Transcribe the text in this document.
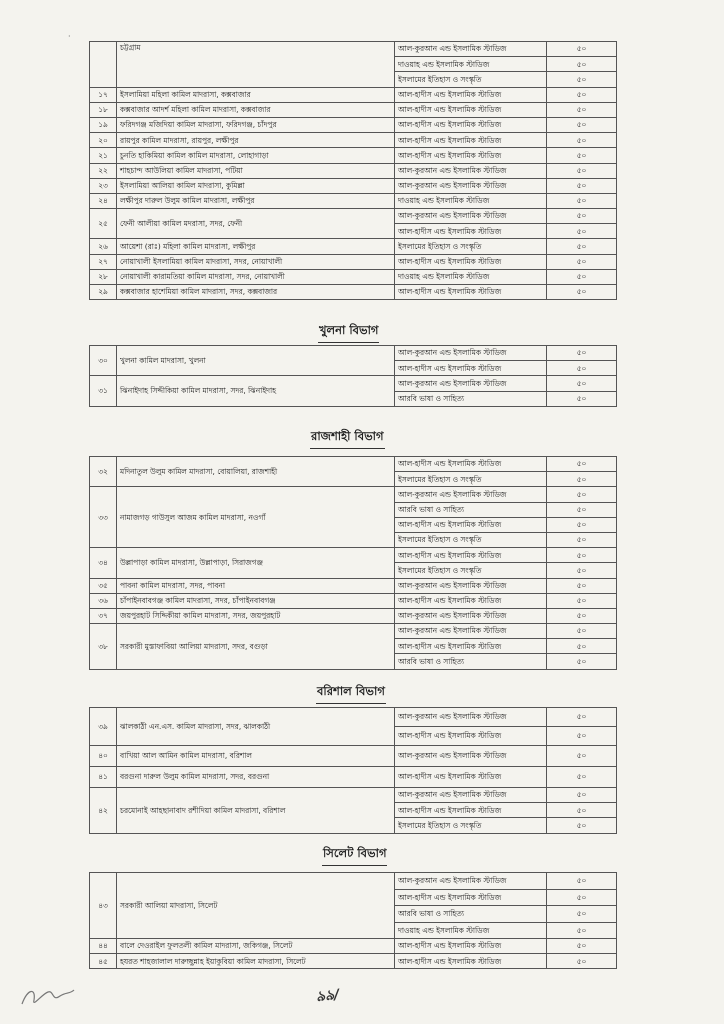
·
	চট্টগ্রাম	আল-কুরআন এন্ড ইসলামিক স্টাডিজ	৫০
		দাওয়াহ এন্ড ইসলামিক স্টাডিজ	৫০
		ইসলামের ইতিহাস ও সংস্কৃতি	৫০
১৭	ইসলামিয়া মহিলা কামিল মাদরাসা, কক্সবাজার	আল-হাদীস এন্ড ইসলামিক স্টাডিজ	৫০
১৮	কক্সবাজার আদর্শ মহিলা কামিল মাদরাসা, কক্সবাজার	আল-হাদীস এন্ড ইসলামিক স্টাডিজ	৫০
১৯	ফরিদগঞ্জ মজিদিয়া কামিল মাদরাসা, ফরিদগঞ্জ, চাঁদপুর	আল-হাদীস এন্ড ইসলামিক স্টাডিজ	৫০
২০	রায়পুর কামিল মাদরাসা, রায়পুর, লক্ষীপুর	আল-হাদীস এন্ড ইসলামিক স্টাডিজ	৫০
২১	চুনতি হাকিমিয়া কামিল কামিল মাদরাসা, লোহাগাড়া	আল-হাদীস এন্ড ইসলামিক স্টাডিজ	৫০
২২	শাহচান্দ আউলিয়া কামিল মাদরাসা, পটিয়া	আল-কুরআন এন্ড ইসলামিক স্টাডিজ	৫০
২৩	ইসলামিয়া আলিয়া কামিল মাদরাসা, কুমিল্লা	আল-কুরআন এন্ড ইসলামিক স্টাডিজ	৫০
২৪	লক্ষীপুর দারুল উলুম কামিল মাদরাসা, লক্ষীপুর	দাওয়াহ এন্ড ইসলামিক স্টাডিজ	৫০
২৫	ফেনী আলীয়া কামিল মদরাসা, সদর, ফেনী	আল-কুরআন এন্ড ইসলামিক স্টাডিজ	৫০
		আল-হাদীস এন্ড ইসলামিক স্টাডিজ	৫০
২৬	আয়েশা (রাঃ) মহিলা কামিল মাদরাসা, লক্ষীপুর	ইসলামের ইতিহাস ও সংস্কৃতি	৫০
২৭	নোয়াখালী ইসলামিয়া কামিল মাদরাসা, সদর, নোয়াখালী	আল-হাদীস এন্ড ইসলামিক স্টাডিজ	৫০
২৮	নোয়াখালী কারামতিয়া কামিল মাদরাসা, সদর, নোয়াখালী	দাওয়াহ এন্ড ইসলামিক স্টাডিজ	৫০
২৯	কক্সবাজার হাশেমিয়া কামিল মাদরাসা, সদর, কক্সবাজার	আল-হাদীস এন্ড ইসলামিক স্টাডিজ	৫০
খুলনা বিভাগ
৩০	খুলনা কামিল মাদরাসা, খুলনা	আল-কুরআন এন্ড ইসলামিক স্টাডিজ	৫০
		আল-হাদীস এন্ড ইসলামিক স্টাডিজ	৫০
৩১	ঝিনাইদাহ সিদ্দীকিয়া কামিল মাদরাসা, সদর, ঝিনাইদাহ	আল-কুরআন এন্ড ইসলামিক স্টাডিজ	৫০
		আরবি ভাষা ও সাহিত্য	৫০
রাজশাহী বিভাগ
৩২	মদিনাতুল উলুম কামিল মাদরাসা, বোয়ালিয়া, রাজশাহী	আল-হাদীস এন্ড ইসলামিক স্টাডিজ	৫০
		ইসলামের ইতিহাস ও সংস্কৃতি	৫০
৩৩	নামাজগড় গাউসুল আজম কামিল মাদরাসা, নওগাঁ	আল-কুরআন এন্ড ইসলামিক স্টাডিজ	৫০
		আরবি ভাষা ও সাহিত্য	৫০
		আল-হাদীস এন্ড ইসলামিক স্টাডিজ	৫০
		ইসলামের ইতিহাস ও সংস্কৃতি	৫০
৩৪	উল্লাপাড়া কামিল মাদরাসা, উল্লাপাড়া, সিরাজগঞ্জ	আল-হাদীস এন্ড ইসলামিক স্টাডিজ	৫০
		ইসলামের ইতিহাস ও সংস্কৃতি	৫০
৩৫	পাবনা কামিল মাদরাসা, সদর, পাবনা	আল-কুরআন এন্ড ইসলামিক স্টাডিজ	৫০
৩৬	চাঁপাইনবাবগঞ্জ কামিল মাদরাসা, সদর, চাঁপাইনবাবগঞ্জ	আল-হাদীস এন্ড ইসলামিক স্টাডিজ	৫০
৩৭	জয়পুরহাট সিদ্দিকীয়া কামিল মাদরাসা, সদর, জয়পুরহাট	আল-কুরআন এন্ড ইসলামিক স্টাডিজ	৫০
৩৮	সরকারী মুস্তাফাবিয়া আলিয়া মাদরাসা, সদর, বগুড়া	আল-কুরআন এন্ড ইসলামিক স্টাডিজ	৫০
		আল-হাদীস এন্ড ইসলামিক স্টাডিজ	৫০
		আরবি ভাষা ও সাহিত্য	৫০
বরিশাল বিভাগ
৩৯	ঝালকাঠী এন.এস. কামিল মাদরাসা, সদর, ঝালকাঠী	আল-কুরআন এন্ড ইসলামিক স্টাডিজ	৫০
		আল-হাদীস এন্ড ইসলামিক স্টাডিজ	৫০
৪০	বাখিয়া আল আমিন কামিল মাদরাসা, বরিশাল	আল-কুরআন এন্ড ইসলামিক স্টাডিজ	৫০
৪১	বরগুনা দারুল উলুম কামিল মাদরাসা, সদর, বরগুনা	আল-হাদীস এন্ড ইসলামিক স্টাডিজ	৫০
৪২	চরমোনাই আহছানাবাদ রশীদিয়া কামিল মাদরাসা, বরিশাল	আল-কুরআন এন্ড ইসলামিক স্টাডিজ	৫০
		আল-হাদীস এন্ড ইসলামিক স্টাডিজ	৫০
		ইসলামের ইতিহাস ও সংস্কৃতি	৫০
সিলেট বিভাগ
৪৩	সরকারী আলিয়া মাদরাসা, সিলেট	আল-কুরআন এন্ড ইসলামিক স্টাডিজ	৫০
		আল-হাদীস এন্ড ইসলামিক স্টাডিজ	৫০
		আরবি ভাষা ও সাহিত্য	৫০
		দাওয়াহ এন্ড ইসলামিক স্টাডিজ	৫০
৪৪	বালে দেওরাইল ফুলতলী কামিল মাদরাসা, জকিগঞ্জ, সিলেট	আল-হাদীস এন্ড ইসলামিক স্টাডিজ	৫০
৪৫	হযরত শাহজালাল দারুচ্ছুন্নাহ ইয়াকুবিয়া কামিল মাদরাসা, সিলেট	আল-হাদীস এন্ড ইসলামিক স্টাডিজ	৫০
৯৯/
